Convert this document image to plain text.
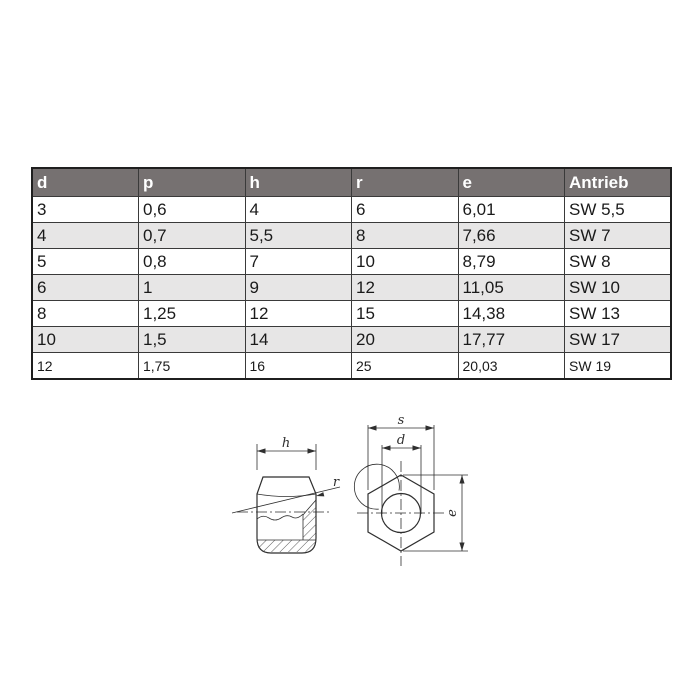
d	p	h	r	e	Antrieb
3	0,6	4	6	6,01	SW 5,5
4	0,7	5,5	8	7,66	SW 7
5	0,8	7	10	8,79	SW 8
6	1	9	12	11,05	SW 10
8	1,25	12	15	14,38	SW 13
10	1,5	14	20	17,77	SW 17
12	1,75	16	25	20,03	SW 19
r
h
s
d
e
